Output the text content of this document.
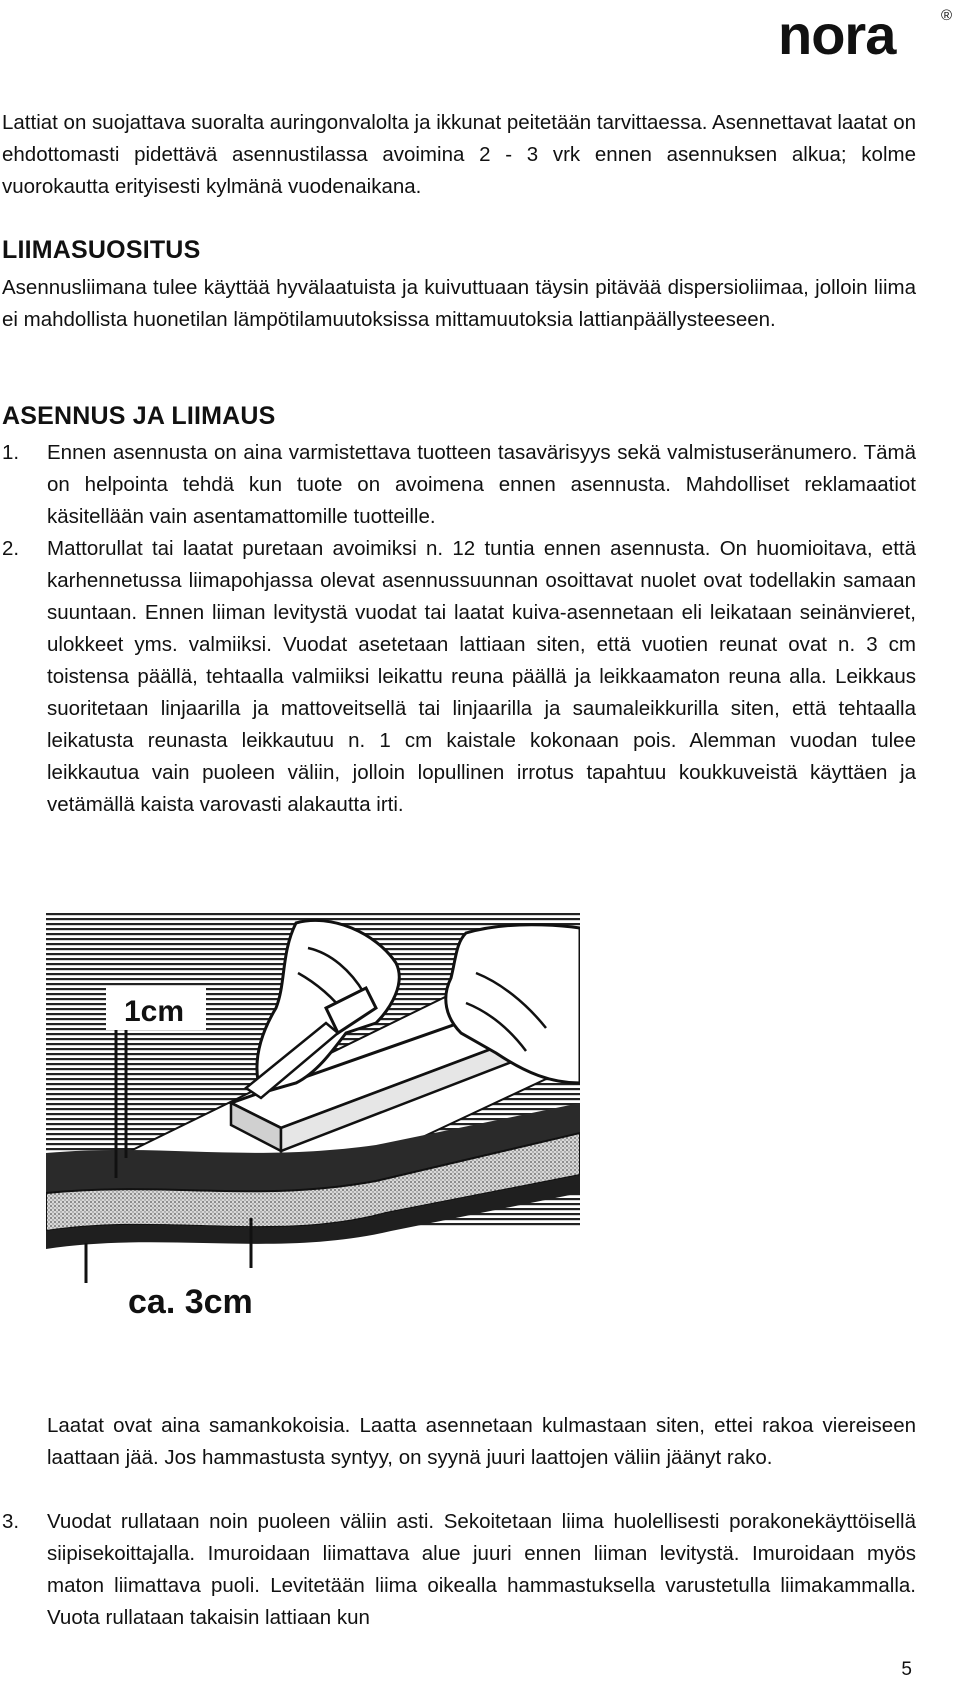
nora	®

Lattiat on suojattava suoralta auringonvalolta ja ikkunat peitetään tarvittaessa. Asennettavat laatat on ehdottomasti pidettävä asennustilassa avoimina 2 - 3 vrk ennen asennuksen alkua; kolme vuorokautta erityisesti kylmänä vuodenaikana.

LIIMASUOSITUS

Asennusliimana tulee käyttää hyvälaatuista ja kuivuttuaan täysin pitävää dispersioliimaa, jolloin liima ei mahdollista huonetilan lämpötilamuutoksissa mittamuutoksia lattianpäällysteeseen.

ASENNUS JA LIIMAUS
1.	Ennen asennusta on aina varmistettava tuotteen tasavärisyys sekä valmistuseränumero. Tämä on helpointa tehdä kun tuote on avoimena ennen asennusta. Mahdolliset reklamaatiot käsitellään vain asentamattomille tuotteille.
2.	Mattorullat tai laatat puretaan avoimiksi n. 12 tuntia ennen asennusta. On huomioitava, että karhennetussa liimapohjassa olevat asennussuunnan osoittavat nuolet ovat todellakin samaan suuntaan. Ennen liiman levitystä vuodat tai laatat kuiva-asennetaan eli leikataan seinänvieret, ulokkeet yms. valmiiksi. Vuodat asetetaan lattiaan siten, että vuotien reunat ovat n. 3 cm toistensa päällä, tehtaalla valmiiksi leikattu reuna päällä ja leikkaamaton reuna alla. Leikkaus suoritetaan linjaarilla ja mattoveitsellä tai linjaarilla ja saumaleikkurilla siten, että tehtaalla leikatusta reunasta leikkautuu n. 1 cm kaistale kokonaan pois. Alemman vuodan tulee leikkautua vain puoleen väliin, jolloin lopullinen irrotus tapahtuu koukkuveistä käyttäen ja vetämällä kaista varovasti alakautta irti.
1cm
ca. 3cm

Laatat ovat aina samankokoisia. Laatta asennetaan kulmastaan siten, ettei rakoa viereiseen laattaan jää. Jos hammastusta syntyy, on syynä juuri laattojen väliin jäänyt rako.

3.	Vuodat rullataan noin puoleen väliin asti. Sekoitetaan liima huolellisesti porakonekäyttöisellä siipisekoittajalla. Imuroidaan liimattava alue juuri ennen liiman levitystä. Imuroidaan myös maton liimattava puoli. Levitetään liima oikealla hammastuksella varustetulla liimakammalla. Vuota rullataan takaisin lattiaan kun
5
